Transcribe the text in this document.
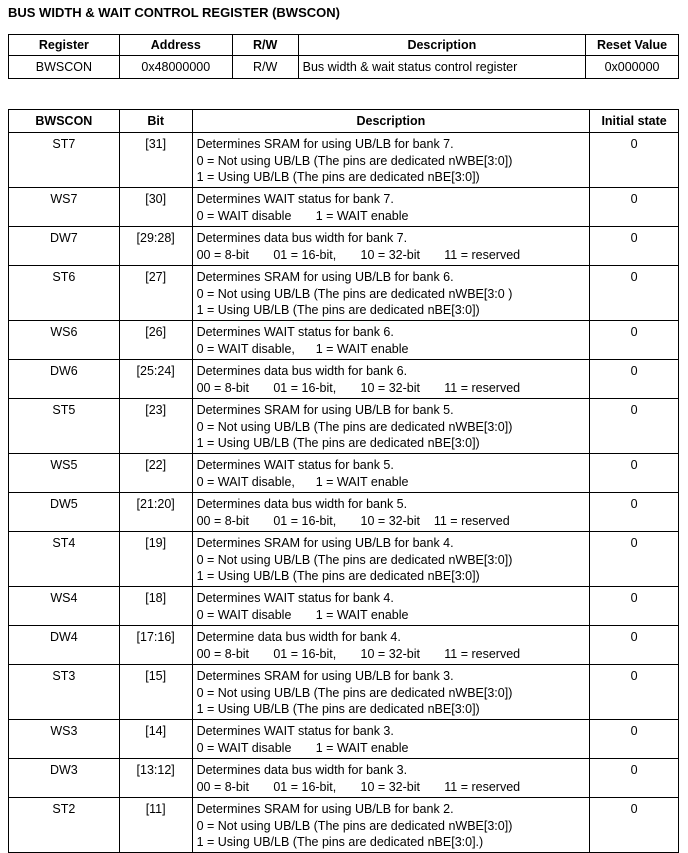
BUS WIDTH & WAIT CONTROL REGISTER (BWSCON)
Register	Address	R/W	Description	Reset Value
BWSCON	0x48000000	R/W	Bus width & wait status control register	0x000000
BWSCON	Bit	Description	Initial state
ST7	[31]	Determines SRAM for using UB/LB for bank 7.
0 = Not using UB/LB (The pins are dedicated nWBE[3:0])
1 = Using UB/LB (The pins are dedicated nBE[3:0])	0
WS7	[30]	Determines WAIT status for bank 7.
0 = WAIT disable       1 = WAIT enable	0
DW7	[29:28]	Determines data bus width for bank 7.
00 = 8-bit       01 = 16-bit,       10 = 32-bit       11 = reserved	0
ST6	[27]	Determines SRAM for using UB/LB for bank 6.
0 = Not using UB/LB (The pins are dedicated nWBE[3:0 )
1 = Using UB/LB (The pins are dedicated nBE[3:0])	0
WS6	[26]	Determines WAIT status for bank 6.
0 = WAIT disable,      1 = WAIT enable	0
DW6	[25:24]	Determines data bus width for bank 6.
00 = 8-bit       01 = 16-bit,       10 = 32-bit       11 = reserved	0
ST5	[23]	Determines SRAM for using UB/LB for bank 5.
0 = Not using UB/LB (The pins are dedicated nWBE[3:0])
1 = Using UB/LB (The pins are dedicated nBE[3:0])	0
WS5	[22]	Determines WAIT status for bank 5.
0 = WAIT disable,      1 = WAIT enable	0
DW5	[21:20]	Determines data bus width for bank 5.
00 = 8-bit       01 = 16-bit,       10 = 32-bit    11 = reserved	0
ST4	[19]	Determines SRAM for using UB/LB for bank 4.
0 = Not using UB/LB (The pins are dedicated nWBE[3:0])
1 = Using UB/LB (The pins are dedicated nBE[3:0])	0
WS4	[18]	Determines WAIT status for bank 4.
0 = WAIT disable       1 = WAIT enable	0
DW4	[17:16]	Determine data bus width for bank 4.
00 = 8-bit       01 = 16-bit,       10 = 32-bit       11 = reserved	0
ST3	[15]	Determines SRAM for using UB/LB for bank 3.
0 = Not using UB/LB (The pins are dedicated nWBE[3:0])
1 = Using UB/LB (The pins are dedicated nBE[3:0])	0
WS3	[14]	Determines WAIT status for bank 3.
0 = WAIT disable       1 = WAIT enable	0
DW3	[13:12]	Determines data bus width for bank 3.
00 = 8-bit       01 = 16-bit,       10 = 32-bit       11 = reserved	0
ST2	[11]	Determines SRAM for using UB/LB for bank 2.
0 = Not using UB/LB (The pins are dedicated nWBE[3:0])
1 = Using UB/LB (The pins are dedicated nBE[3:0].)	0
